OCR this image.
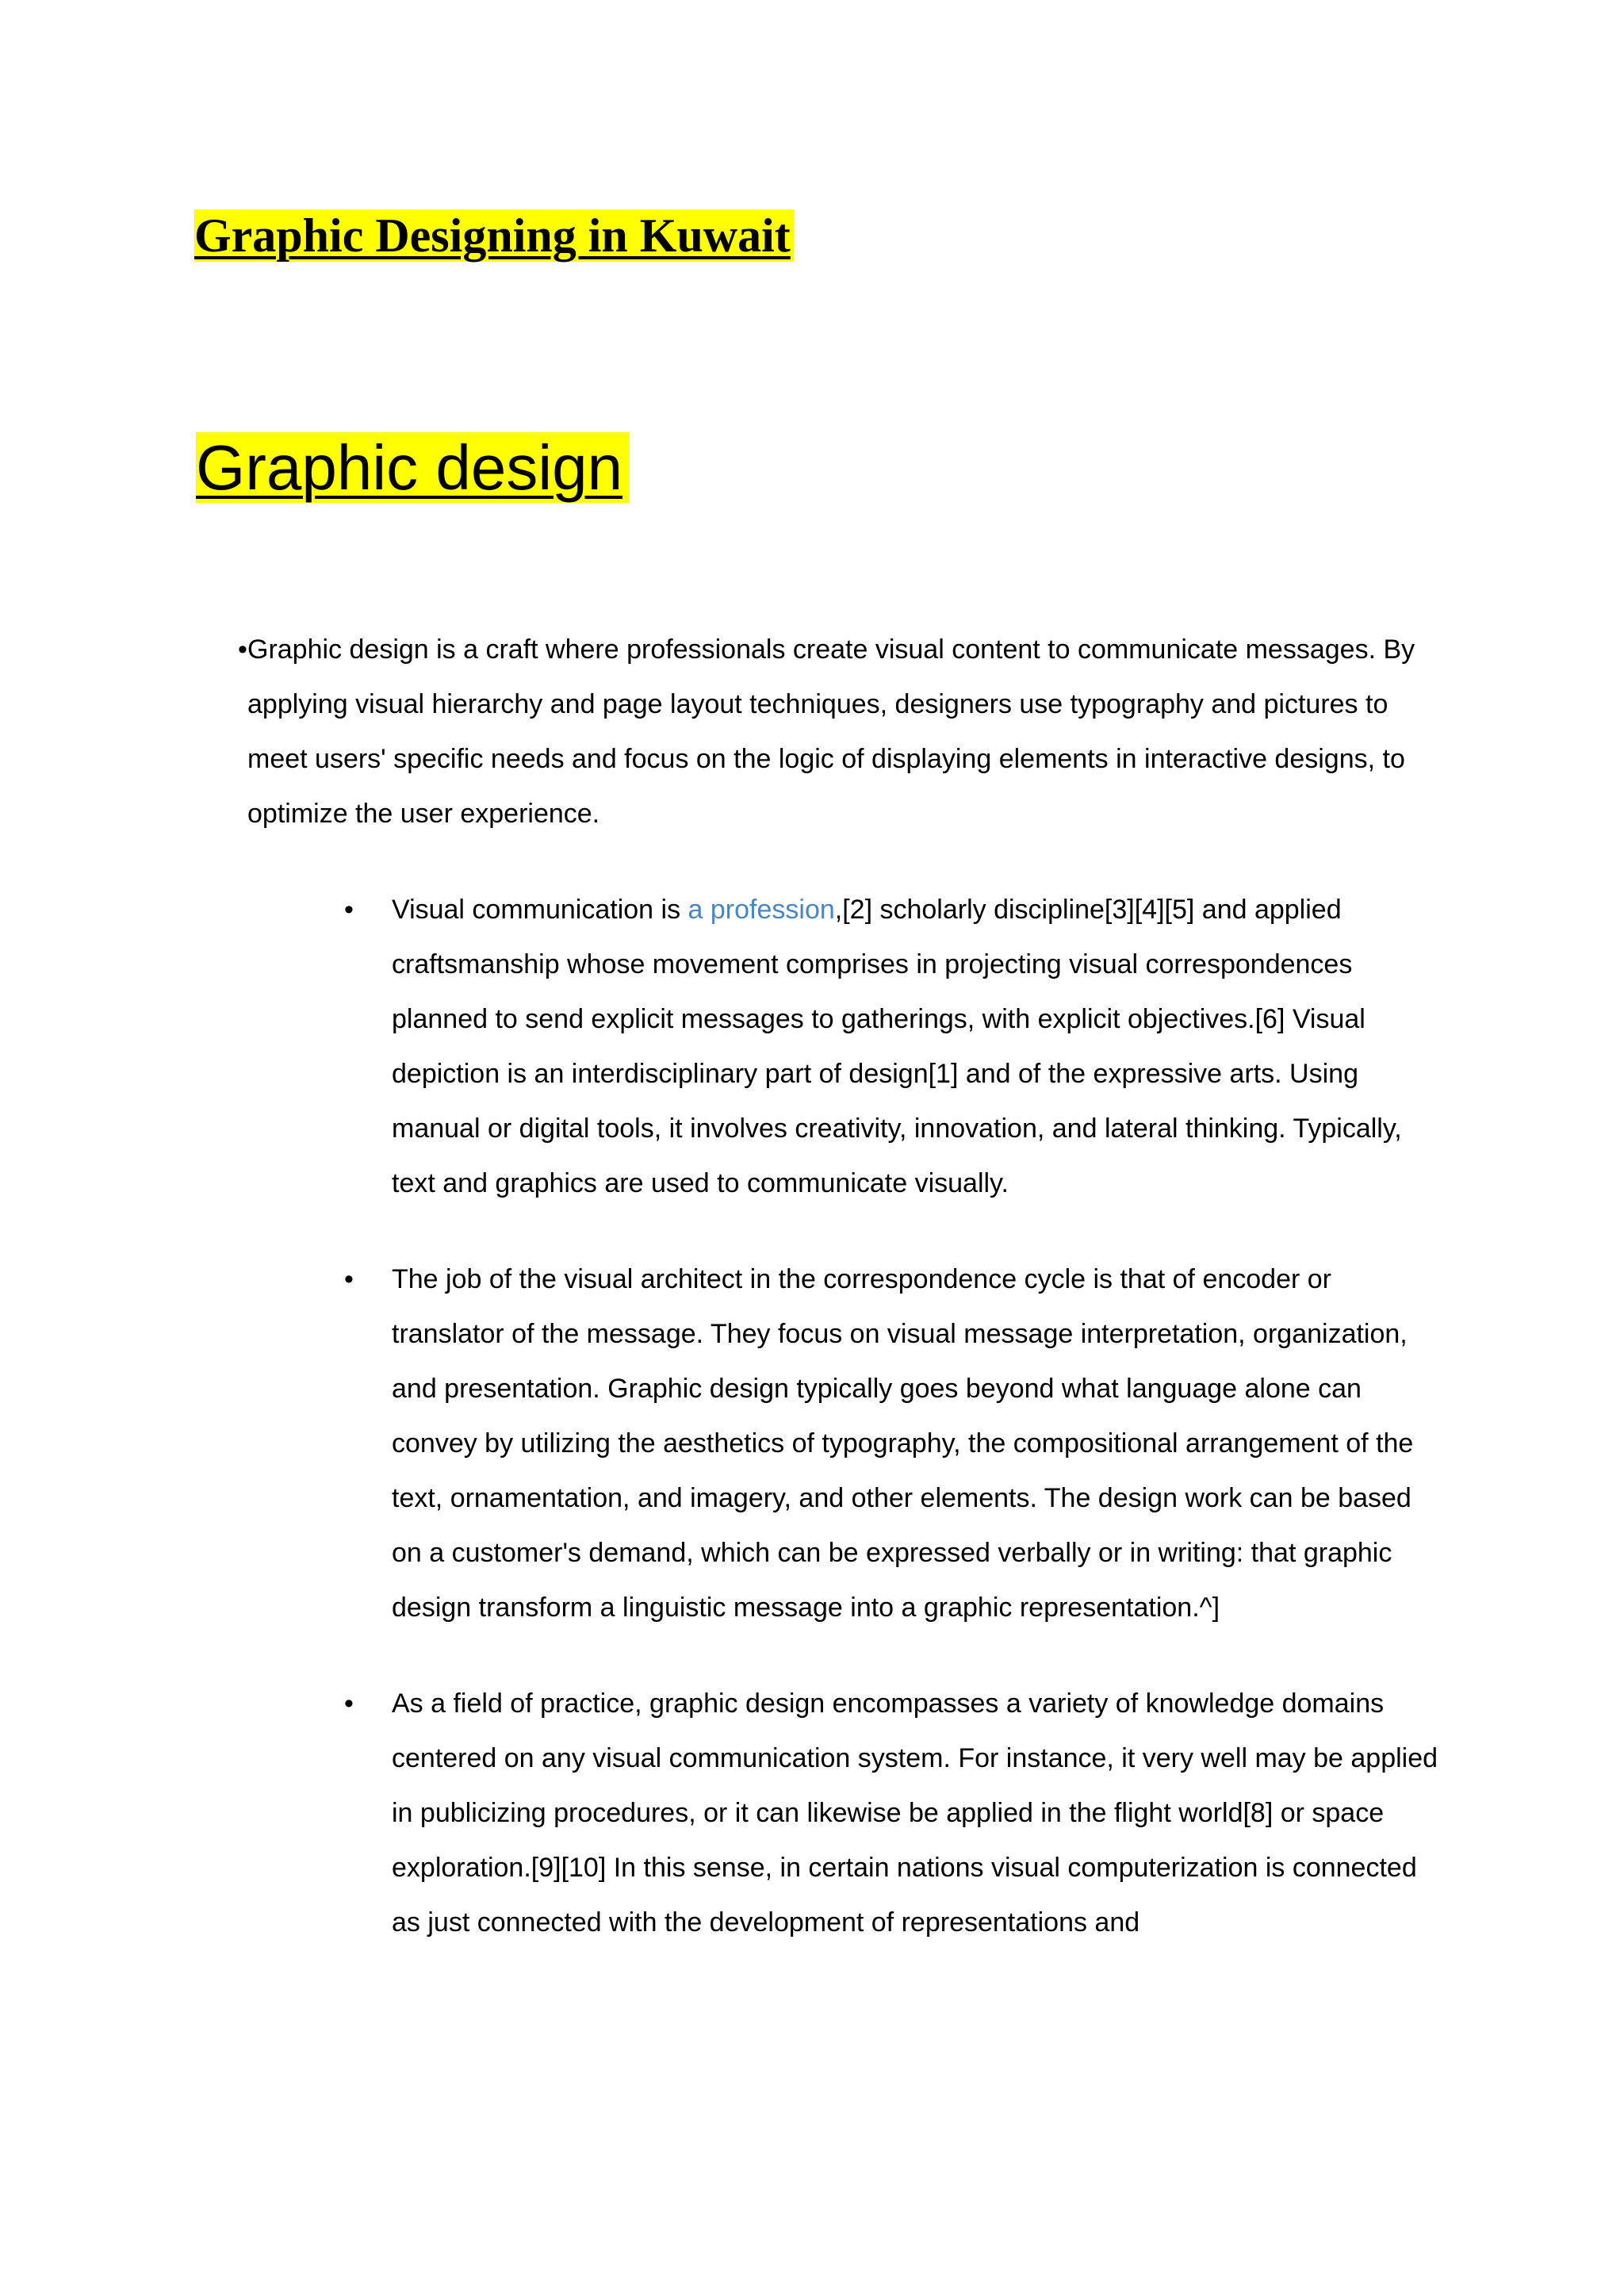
Graphic Designing in Kuwait
Graphic design

• Graphic design is a craft where professionals create visual content to communicate messages. By applying visual hierarchy and page layout techniques, designers use typography and pictures to meet users' specific needs and focus on the logic of displaying elements in interactive designs, to optimize the user experience.

• Visual communication is a profession,[2] scholarly discipline[3][4][5] and applied craftsmanship whose movement comprises in projecting visual correspondences planned to send explicit messages to gatherings, with explicit objectives.[6] Visual depiction is an interdisciplinary part of design[1] and of the expressive arts. Using manual or digital tools, it involves creativity, innovation, and lateral thinking. Typically, text and graphics are used to communicate visually.
• The job of the visual architect in the correspondence cycle is that of encoder or translator of the message. They focus on visual message interpretation, organization, and presentation. Graphic design typically goes beyond what language alone can convey by utilizing the aesthetics of typography, the compositional arrangement of the text, ornamentation, and imagery, and other elements. The design work can be based on a customer's demand, which can be expressed verbally or in writing: that graphic design transform a linguistic message into a graphic representation.^]
• As a field of practice, graphic design encompasses a variety of knowledge domains centered on any visual communication system. For instance, it very well may be applied in publicizing procedures, or it can likewise be applied in the flight world[8] or space exploration.[9][10] In this sense, in certain nations visual computerization is connected as just connected with the development of representations and
